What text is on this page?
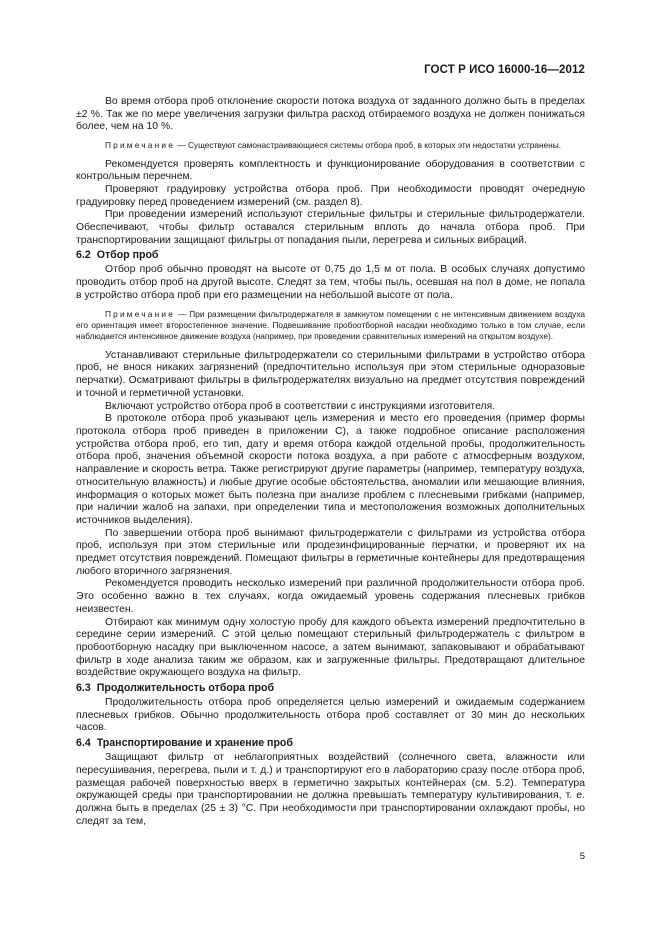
ГОСТ Р ИСО 16000-16—2012

Во время отбора проб отклонение скорости потока воздуха от заданного должно быть в пределах ±2 %. Так же по мере увеличения загрузки фильтра расход отбираемого воздуха не должен понижаться более, чем на 10 %.

Примечание — Существуют самонастраивающиеся системы отбора проб, в которых эти недостатки устранены.

Рекомендуется проверять комплектность и функционирование оборудования в соответствии с контрольным перечнем.

Проверяют градуировку устройства отбора проб. При необходимости проводят очередную градуировку перед проведением измерений (см. раздел 8).

При проведении измерений используют стерильные фильтры и стерильные фильтродержатели. Обеспечивают, чтобы фильтр оставался стерильным вплоть до начала отбора проб. При транспортировании защищают фильтры от попадания пыли, перегрева и сильных вибраций.

6.2 Отбор проб

Отбор проб обычно проводят на высоте от 0,75 до 1,5 м от пола. В особых случаях допустимо проводить отбор проб на другой высоте. Следят за тем, чтобы пыль, осевшая на пол в доме, не попала в устройство отбора проб при его размещении на небольшой высоте от пола.

Примечание — При размещении фильтродержателя в замкнутом помещении с не интенсивным движением воздуха его ориентация имеет второстепенное значение. Подвешивание пробоотборной насадки необходимо только в том случае, если наблюдается интенсивное движение воздуха (например, при проведении сравнительных измерений на открытом воздухе).

Устанавливают стерильные фильтродержатели со стерильными фильтрами в устройство отбора проб, не внося никаких загрязнений (предпочтительно используя при этом стерильные одноразовые перчатки). Осматривают фильтры в фильтродержателях визуально на предмет отсутствия повреждений и точной и герметичной установки.

Включают устройство отбора проб в соответствии с инструкциями изготовителя.

В протоколе отбора проб указывают цель измерения и место его проведения (пример формы протокола отбора проб приведен в приложении С), а также подробное описание расположения устройства отбора проб, его тип, дату и время отбора каждой отдельной пробы, продолжительность отбора проб, значения объемной скорости потока воздуха, а при работе с атмосферным воздухом, направление и скорость ветра. Также регистрируют другие параметры (например, температуру воздуха, относительную влажность) и любые другие особые обстоятельства, аномалии или мешающие влияния, информация о которых может быть полезна при анализе проблем с плесневыми грибками (например, при наличии жалоб на запахи, при определении типа и местоположения возможных дополнительных источников выделения).

По завершении отбора проб вынимают фильтродержатели с фильтрами из устройства отбора проб, используя при этом стерильные или продезинфицированные перчатки, и проверяют их на предмет отсутствия повреждений. Помещают фильтры в герметичные контейнеры для предотвращения любого вторичного загрязнения.

Рекомендуется проводить несколько измерений при различной продолжительности отбора проб. Это особенно важно в тех случаях, когда ожидаемый уровень содержания плесневых грибков неизвестен.

Отбирают как минимум одну холостую пробу для каждого объекта измерений предпочтительно в середине серии измерений. С этой целью помещают стерильный фильтродержатель с фильтром в пробоотборную насадку при выключенном насосе, а затем вынимают, запаковывают и обрабатывают фильтр в ходе анализа таким же образом, как и загруженные фильтры. Предотвращают длительное воздействие окружающего воздуха на фильтр.

6.3 Продолжительность отбора проб

Продолжительность отбора проб определяется целью измерений и ожидаемым содержанием плесневых грибков. Обычно продолжительность отбора проб составляет от 30 мин до нескольких часов.

6.4 Транспортирование и хранение проб

Защищают фильтр от неблагоприятных воздействий (солнечного света, влажности или пересушивания, перегрева, пыли и т. д.) и транспортируют его в лабораторию сразу после отбора проб, размещая рабочей поверхностью вверх в герметично закрытых контейнерах (см. 5.2). Температура окружающей среды при транспортировании не должна превышать температуру культивирования, т. е. должна быть в пределах (25 ± 3) °С. При необходимости при транспортировании охлаждают пробы, но следят за тем,

5
